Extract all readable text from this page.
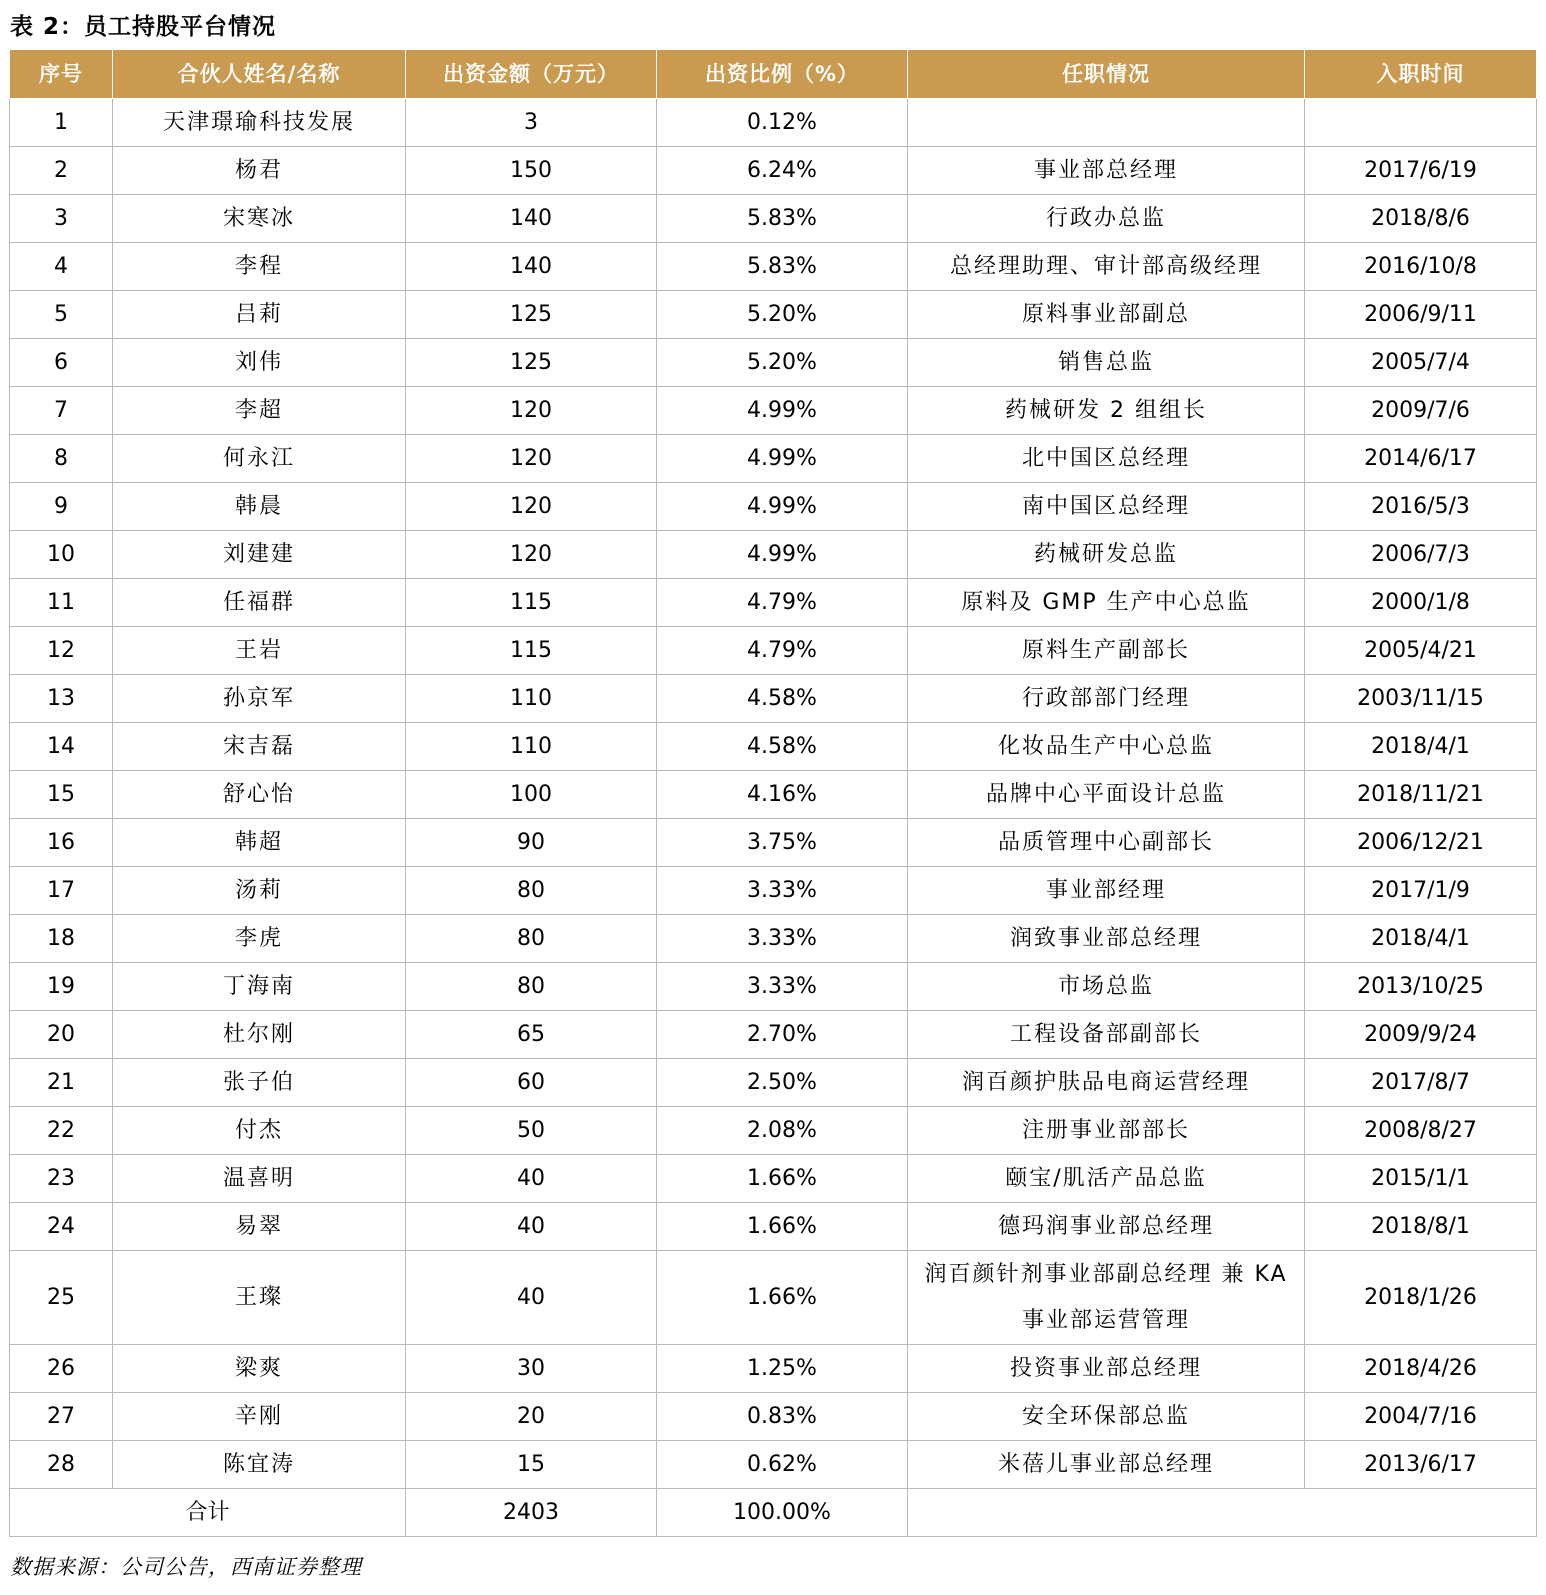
表 2：员工持股平台情况
序号	合伙人姓名/名称	出资金额（万元）	出资比例（%）	任职情况	入职时间
1	天津璟瑜科技发展	3	0.12%		
2	杨君	150	6.24%	事业部总经理	2017/6/19
3	宋寒冰	140	5.83%	行政办总监	2018/8/6
4	李程	140	5.83%	总经理助理、审计部高级经理	2016/10/8
5	吕莉	125	5.20%	原料事业部副总	2006/9/11
6	刘伟	125	5.20%	销售总监	2005/7/4
7	李超	120	4.99%	药械研发 2 组组长	2009/7/6
8	何永江	120	4.99%	北中国区总经理	2014/6/17
9	韩晨	120	4.99%	南中国区总经理	2016/5/3
10	刘建建	120	4.99%	药械研发总监	2006/7/3
11	任福群	115	4.79%	原料及 GMP 生产中心总监	2000/1/8
12	王岩	115	4.79%	原料生产副部长	2005/4/21
13	孙京军	110	4.58%	行政部部门经理	2003/11/15
14	宋吉磊	110	4.58%	化妆品生产中心总监	2018/4/1
15	舒心怡	100	4.16%	品牌中心平面设计总监	2018/11/21
16	韩超	90	3.75%	品质管理中心副部长	2006/12/21
17	汤莉	80	3.33%	事业部经理	2017/1/9
18	李虎	80	3.33%	润致事业部总经理	2018/4/1
19	丁海南	80	3.33%	市场总监	2013/10/25
20	杜尔刚	65	2.70%	工程设备部副部长	2009/9/24
21	张子伯	60	2.50%	润百颜护肤品电商运营经理	2017/8/7
22	付杰	50	2.08%	注册事业部部长	2008/8/27
23	温喜明	40	1.66%	颐宝/肌活产品总监	2015/1/1
24	易翠	40	1.66%	德玛润事业部总经理	2018/8/1
25	王璨	40	1.66%	润百颜针剂事业部副总经理 兼 KA 事业部运营管理	2018/1/26
26	梁爽	30	1.25%	投资事业部总经理	2018/4/26
27	辛刚	20	0.83%	安全环保部总监	2004/7/16
28	陈宜涛	15	0.62%	米蓓儿事业部总经理	2013/6/17
合计		2403	100.00%		
数据来源：公司公告，西南证券整理
